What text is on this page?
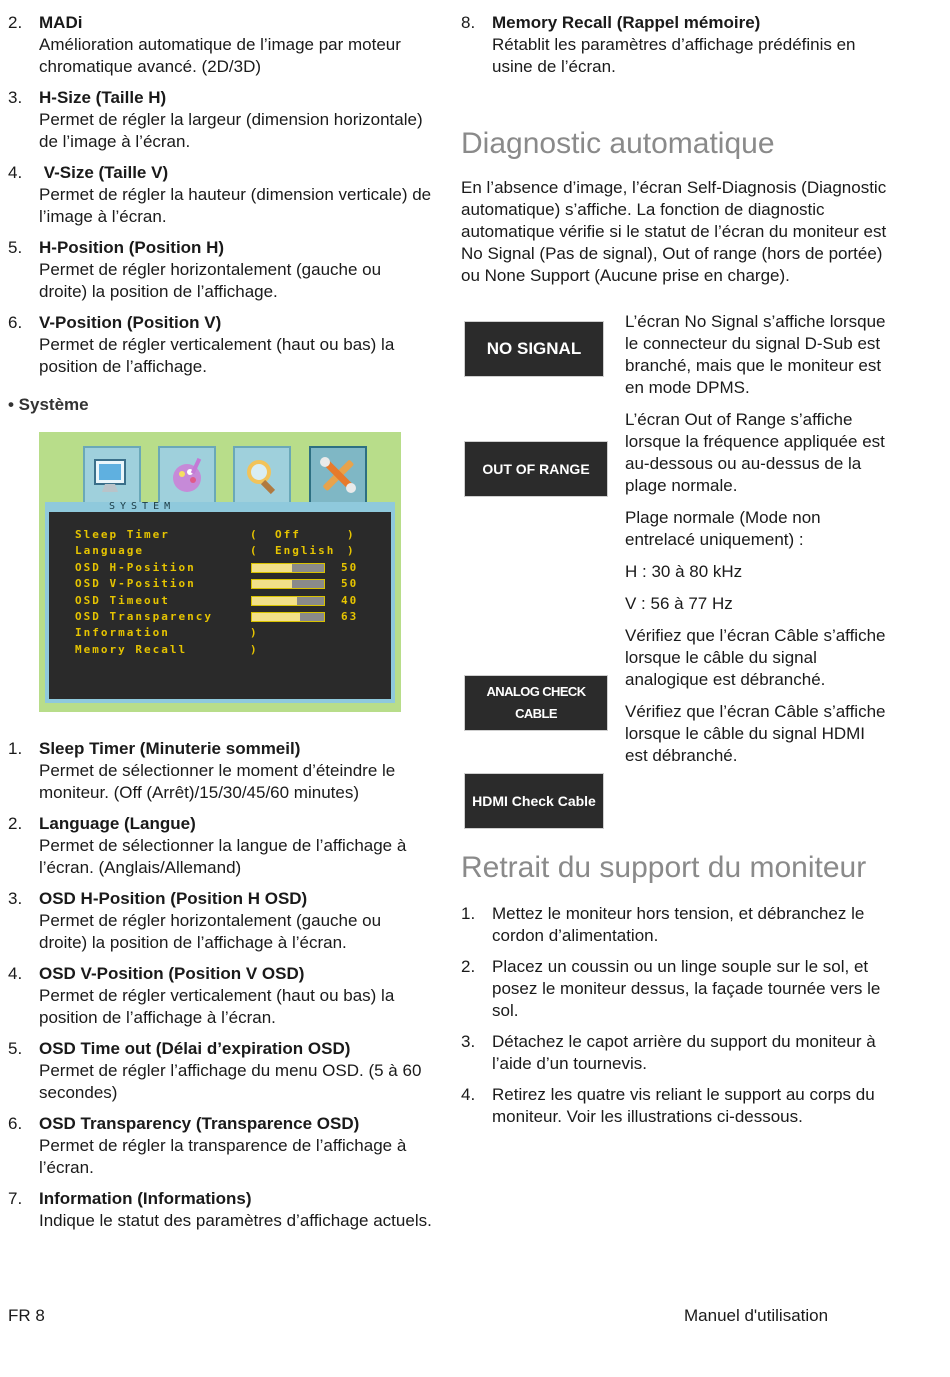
2. MADi
Amélioration automatique de l’image par moteur chromatique avancé. (2D/3D)
3. H-Size (Taille H)
Permet de régler la largeur (dimension horizontale) de l’image à l’écran.
4. V-Size (Taille V)
Permet de régler la hauteur (dimension verticale) de l’image à l’écran.
5. H-Position (Position H)
Permet de régler horizontalement (gauche ou droite) la position de l’affichage.
6. V-Position (Position V)
Permet de régler verticalement (haut ou bas) la position de l’affichage.
• Système
SYSTEM
Sleep Timer	( Off	)
Language	( English )
OSD H-Position	50
OSD V-Position	50
OSD Timeout	40
OSD Transparency	63
Information	)
Memory Recall	)
1. Sleep Timer (Minuterie sommeil)
Permet de sélectionner le moment d’éteindre le moniteur. (Off (Arrêt)/15/30/45/60 minutes)
2. Language (Langue)
Permet de sélectionner la langue de l’affichage à l’écran. (Anglais/Allemand)
3. OSD H-Position (Position H OSD)
Permet de régler horizontalement (gauche ou droite) la position de l’affichage à l’écran.
4. OSD V-Position (Position V OSD)
Permet de régler verticalement (haut ou bas) la position de l’affichage à l’écran.
5. OSD Time out (Délai d’expiration OSD)
Permet de régler l’affichage du menu OSD. (5 à 60 secondes)
6. OSD Transparency (Transparence OSD)
Permet de régler la transparence de l’affichage à l’écran.
7. Information (Informations)
Indique le statut des paramètres d’affichage actuels.
8. Memory Recall (Rappel mémoire)
Rétablit les paramètres d’affichage prédéfinis en usine de l’écran.
Diagnostic automatique

En l’absence d’image, l’écran Self-Diagnosis (Diagnostic automatique) s’affiche. La fonction de diagnostic automatique vérifie si le statut de l’écran du moniteur est No Signal (Pas de signal), Out of range (hors de portée) ou None Support (Aucune prise en charge).

NO SIGNAL

L’écran No Signal s’affiche lorsque le connecteur du signal D-Sub est branché, mais que le moniteur est en mode DPMS.

OUT OF RANGE

L’écran Out of Range s’affiche lorsque la fréquence appliquée est au-dessous ou au-dessus de la plage normale.

Plage normale (Mode non entrelacé uniquement) :

H : 30 à 80 kHz

V : 56 à 77 Hz

ANALOG CHECK CABLE

Vérifiez que l’écran Câble s’affiche lorsque le câble du signal analogique est débranché.

HDMI Check Cable

Vérifiez que l’écran Câble s’affiche lorsque le câble du signal HDMI est débranché.

Retrait du support du moniteur
1. Mettez le moniteur hors tension, et débranchez le cordon d’alimentation.
2. Placez un coussin ou un linge souple sur le sol, et posez le moniteur dessus, la façade tournée vers le sol.
3. Détachez le capot arrière du support du moniteur à l’aide d’un tournevis.
4. Retirez les quatre vis reliant le support au corps du moniteur. Voir les illustrations ci-dessous.
FR 8	Manuel d'utilisation
